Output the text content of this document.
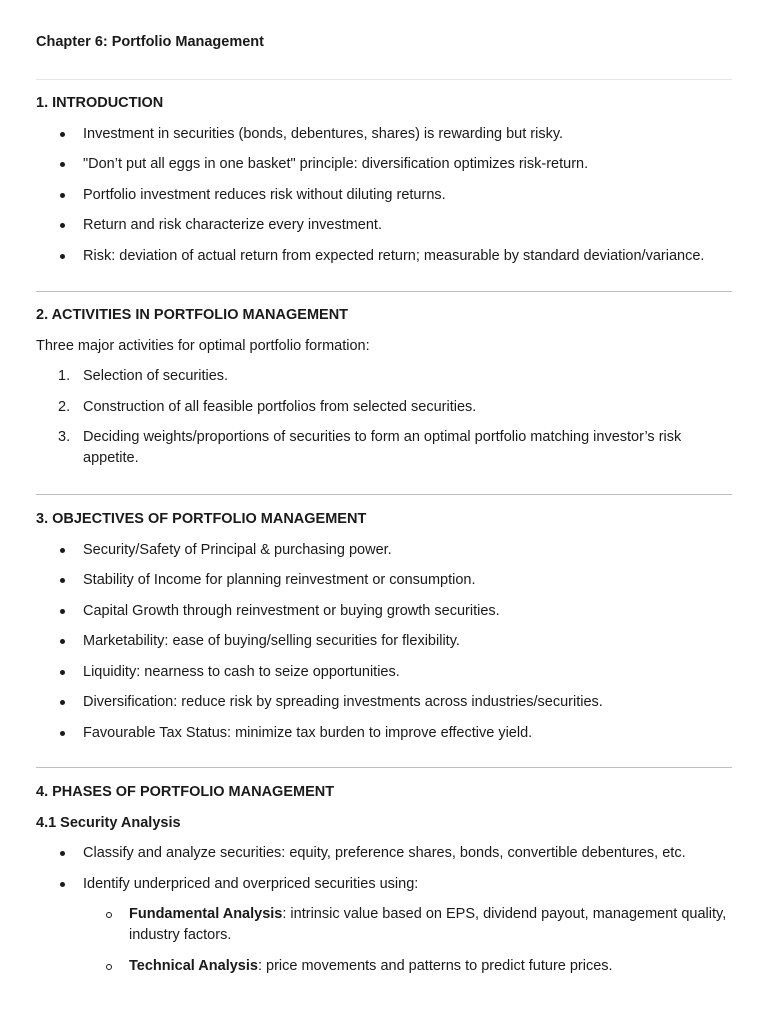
Chapter 6: Portfolio Management
1. INTRODUCTION
Investment in securities (bonds, debentures, shares) is rewarding but risky.
"Don’t put all eggs in one basket" principle: diversification optimizes risk-return.
Portfolio investment reduces risk without diluting returns.
Return and risk characterize every investment.
Risk: deviation of actual return from expected return; measurable by standard deviation/variance.
2. ACTIVITIES IN PORTFOLIO MANAGEMENT

Three major activities for optimal portfolio formation:

1. Selection of securities.
2. Construction of all feasible portfolios from selected securities.
3. Deciding weights/proportions of securities to form an optimal portfolio matching investor’s risk appetite.
3. OBJECTIVES OF PORTFOLIO MANAGEMENT
Security/Safety of Principal & purchasing power.
Stability of Income for planning reinvestment or consumption.
Capital Growth through reinvestment or buying growth securities.
Marketability: ease of buying/selling securities for flexibility.
Liquidity: nearness to cash to seize opportunities.
Diversification: reduce risk by spreading investments across industries/securities.
Favourable Tax Status: minimize tax burden to improve effective yield.
4. PHASES OF PORTFOLIO MANAGEMENT
4.1 Security Analysis
Classify and analyze securities: equity, preference shares, bonds, convertible debentures, etc.
Identify underpriced and overpriced securities using:
Fundamental Analysis: intrinsic value based on EPS, dividend payout, management quality, industry factors.
Technical Analysis: price movements and patterns to predict future prices.
